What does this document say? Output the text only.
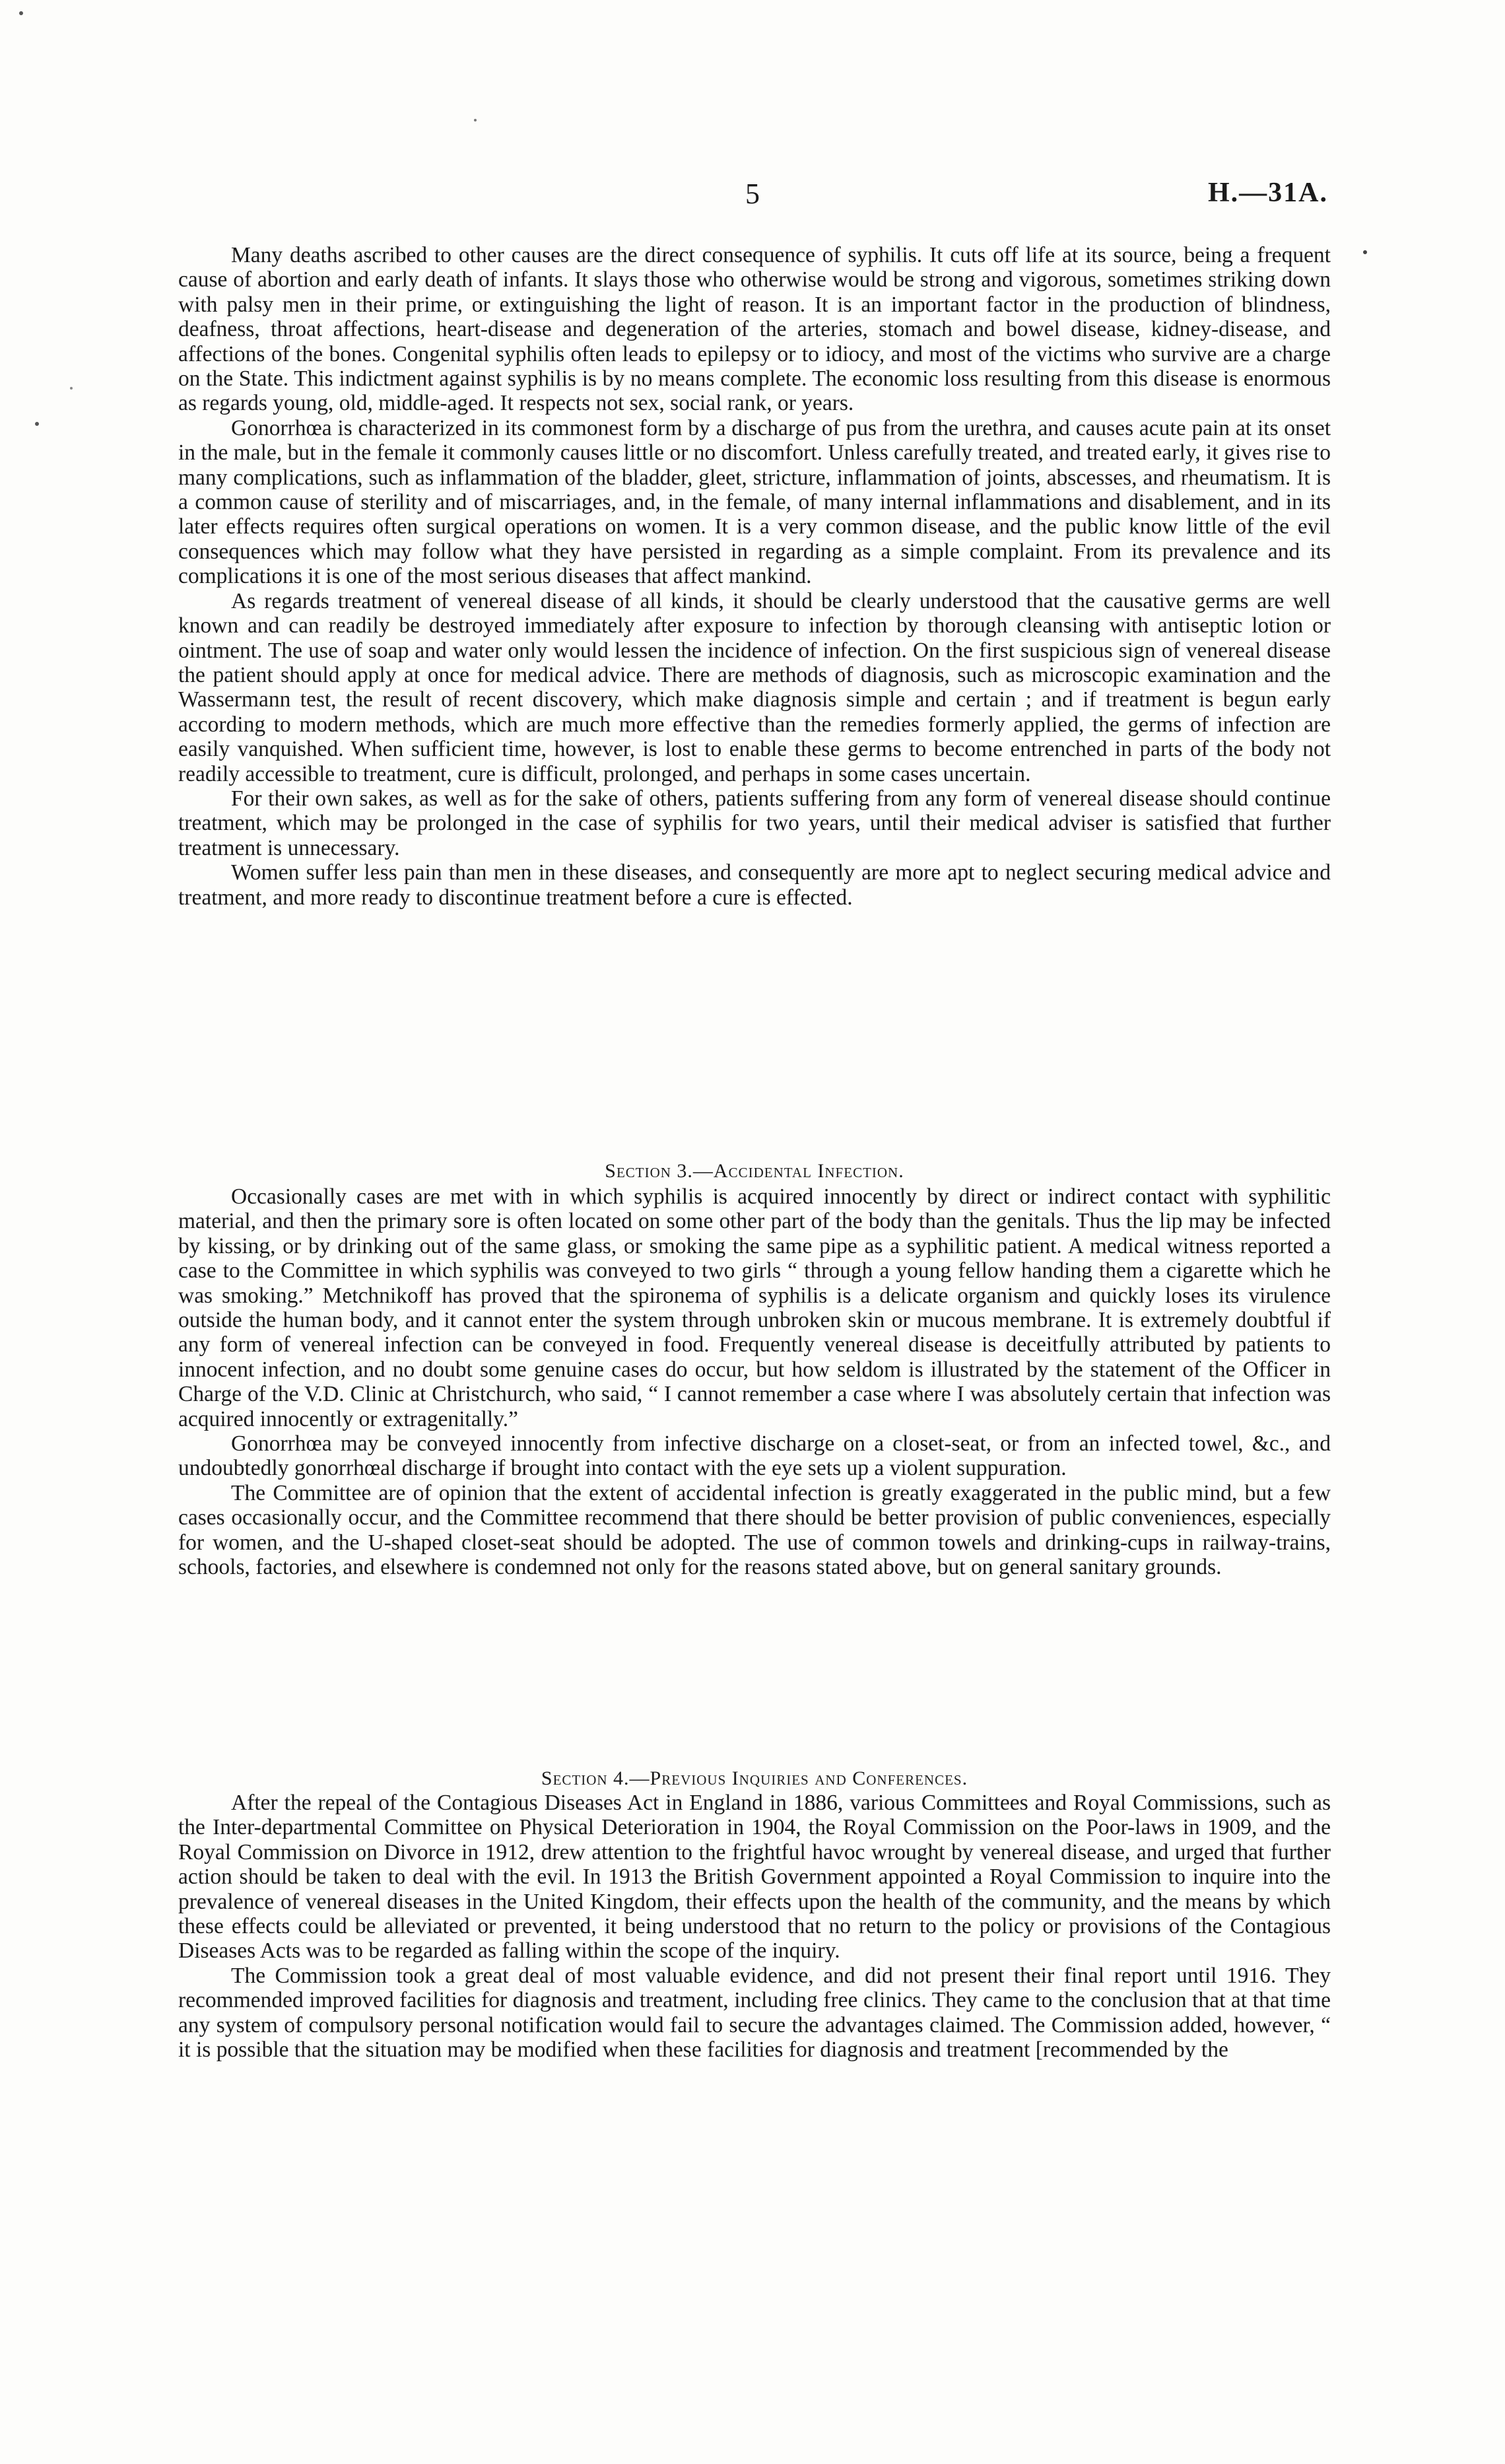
5	H.—31A.

Many deaths ascribed to other causes are the direct consequence of syphilis. It cuts off life at its source, being a frequent cause of abortion and early death of infants. It slays those who otherwise would be strong and vigorous, sometimes striking down with palsy men in their prime, or extinguishing the light of reason. It is an important factor in the production of blindness, deafness, throat affections, heart-disease and degeneration of the arteries, stomach and bowel disease, kidney-disease, and affections of the bones. Congenital syphilis often leads to epilepsy or to idiocy, and most of the victims who survive are a charge on the State. This indictment against syphilis is by no means complete. The economic loss resulting from this disease is enormous as regards young, old, middle-aged. It respects not sex, social rank, or years.

Gonorrhœa is characterized in its commonest form by a discharge of pus from the urethra, and causes acute pain at its onset in the male, but in the female it commonly causes little or no discomfort. Unless carefully treated, and treated early, it gives rise to many complications, such as inflammation of the bladder, gleet, stricture, inflammation of joints, abscesses, and rheumatism. It is a common cause of sterility and of miscarriages, and, in the female, of many internal inflammations and disablement, and in its later effects requires often surgical operations on women. It is a very common disease, and the public know little of the evil consequences which may follow what they have persisted in regarding as a simple complaint. From its prevalence and its complications it is one of the most serious diseases that affect mankind.

As regards treatment of venereal disease of all kinds, it should be clearly understood that the causative germs are well known and can readily be destroyed immediately after exposure to infection by thorough cleansing with antiseptic lotion or ointment. The use of soap and water only would lessen the incidence of infection. On the first suspicious sign of venereal disease the patient should apply at once for medical advice. There are methods of diagnosis, such as microscopic examination and the Wassermann test, the result of recent discovery, which make diagnosis simple and certain ; and if treatment is begun early according to modern methods, which are much more effective than the remedies formerly applied, the germs of infection are easily vanquished. When sufficient time, however, is lost to enable these germs to become entrenched in parts of the body not readily accessible to treatment, cure is difficult, prolonged, and perhaps in some cases uncertain.

For their own sakes, as well as for the sake of others, patients suffering from any form of venereal disease should continue treatment, which may be prolonged in the case of syphilis for two years, until their medical adviser is satisfied that further treatment is unnecessary.

Women suffer less pain than men in these diseases, and consequently are more apt to neglect securing medical advice and treatment, and more ready to discontinue treatment before a cure is effected.

Section 3.—Accidental Infection.

Occasionally cases are met with in which syphilis is acquired innocently by direct or indirect contact with syphilitic material, and then the primary sore is often located on some other part of the body than the genitals. Thus the lip may be infected by kissing, or by drinking out of the same glass, or smoking the same pipe as a syphilitic patient. A medical witness reported a case to the Committee in which syphilis was conveyed to two girls “ through a young fellow handing them a cigarette which he was smoking.” Metchnikoff has proved that the spironema of syphilis is a delicate organism and quickly loses its virulence outside the human body, and it cannot enter the system through unbroken skin or mucous membrane. It is extremely doubtful if any form of venereal infection can be conveyed in food. Frequently venereal disease is deceitfully attributed by patients to innocent infection, and no doubt some genuine cases do occur, but how seldom is illustrated by the statement of the Officer in Charge of the V.D. Clinic at Christchurch, who said, “ I cannot remember a case where I was absolutely certain that infection was acquired innocently or extragenitally.”

Gonorrhœa may be conveyed innocently from infective discharge on a closet-seat, or from an infected towel, &c., and undoubtedly gonorrhœal discharge if brought into contact with the eye sets up a violent suppuration.

The Committee are of opinion that the extent of accidental infection is greatly exaggerated in the public mind, but a few cases occasionally occur, and the Committee recommend that there should be better provision of public conveniences, especially for women, and the U-shaped closet-seat should be adopted. The use of common towels and drinking-cups in railway-trains, schools, factories, and elsewhere is condemned not only for the reasons stated above, but on general sanitary grounds.

Section 4.—Previous Inquiries and Conferences.

After the repeal of the Contagious Diseases Act in England in 1886, various Committees and Royal Commissions, such as the Inter-departmental Committee on Physical Deterioration in 1904, the Royal Commission on the Poor-laws in 1909, and the Royal Commission on Divorce in 1912, drew attention to the frightful havoc wrought by venereal disease, and urged that further action should be taken to deal with the evil. In 1913 the British Government appointed a Royal Commission to inquire into the prevalence of venereal diseases in the United Kingdom, their effects upon the health of the community, and the means by which these effects could be alleviated or prevented, it being understood that no return to the policy or provisions of the Contagious Diseases Acts was to be regarded as falling within the scope of the inquiry.

The Commission took a great deal of most valuable evidence, and did not present their final report until 1916. They recommended improved facilities for diagnosis and treatment, including free clinics. They came to the conclusion that at that time any system of compulsory personal notification would fail to secure the advantages claimed. The Commission added, however, “ it is possible that the situation may be modified when these facilities for diagnosis and treatment [recommended by the
